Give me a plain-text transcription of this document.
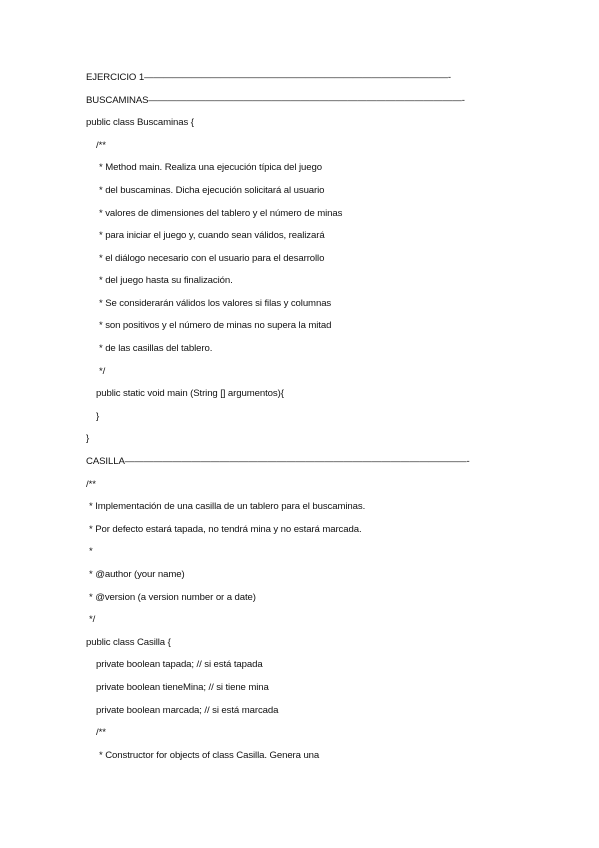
EJERCICIO 1————————————————————————————————-
BUSCAMINAS—————————————————————————————————-
public class Buscaminas {
/**
* Method main. Realiza una ejecución típica del juego
* del buscaminas. Dicha ejecución solicitará al usuario
* valores de dimensiones del tablero y el número de minas
* para iniciar el juego y, cuando sean válidos, realizará
* el diálogo necesario con el usuario para el desarrollo
* del juego hasta su finalización.
* Se considerarán válidos los valores si filas y columnas
* son positivos y el número de minas no supera la mitad
* de las casillas del tablero.
*/
public static void main (String [] argumentos){
}
}
CASILLA————————————————————————————————————-
/**
* Implementación de una casilla de un tablero para el buscaminas.
* Por defecto estará tapada, no tendrá mina y no estará marcada.
*
* @author (your name)
* @version (a version number or a date)
*/
public class Casilla {
private boolean tapada; // si está tapada
private boolean tieneMina; // si tiene mina
private boolean marcada; // si está marcada
/**
* Constructor for objects of class Casilla. Genera una
